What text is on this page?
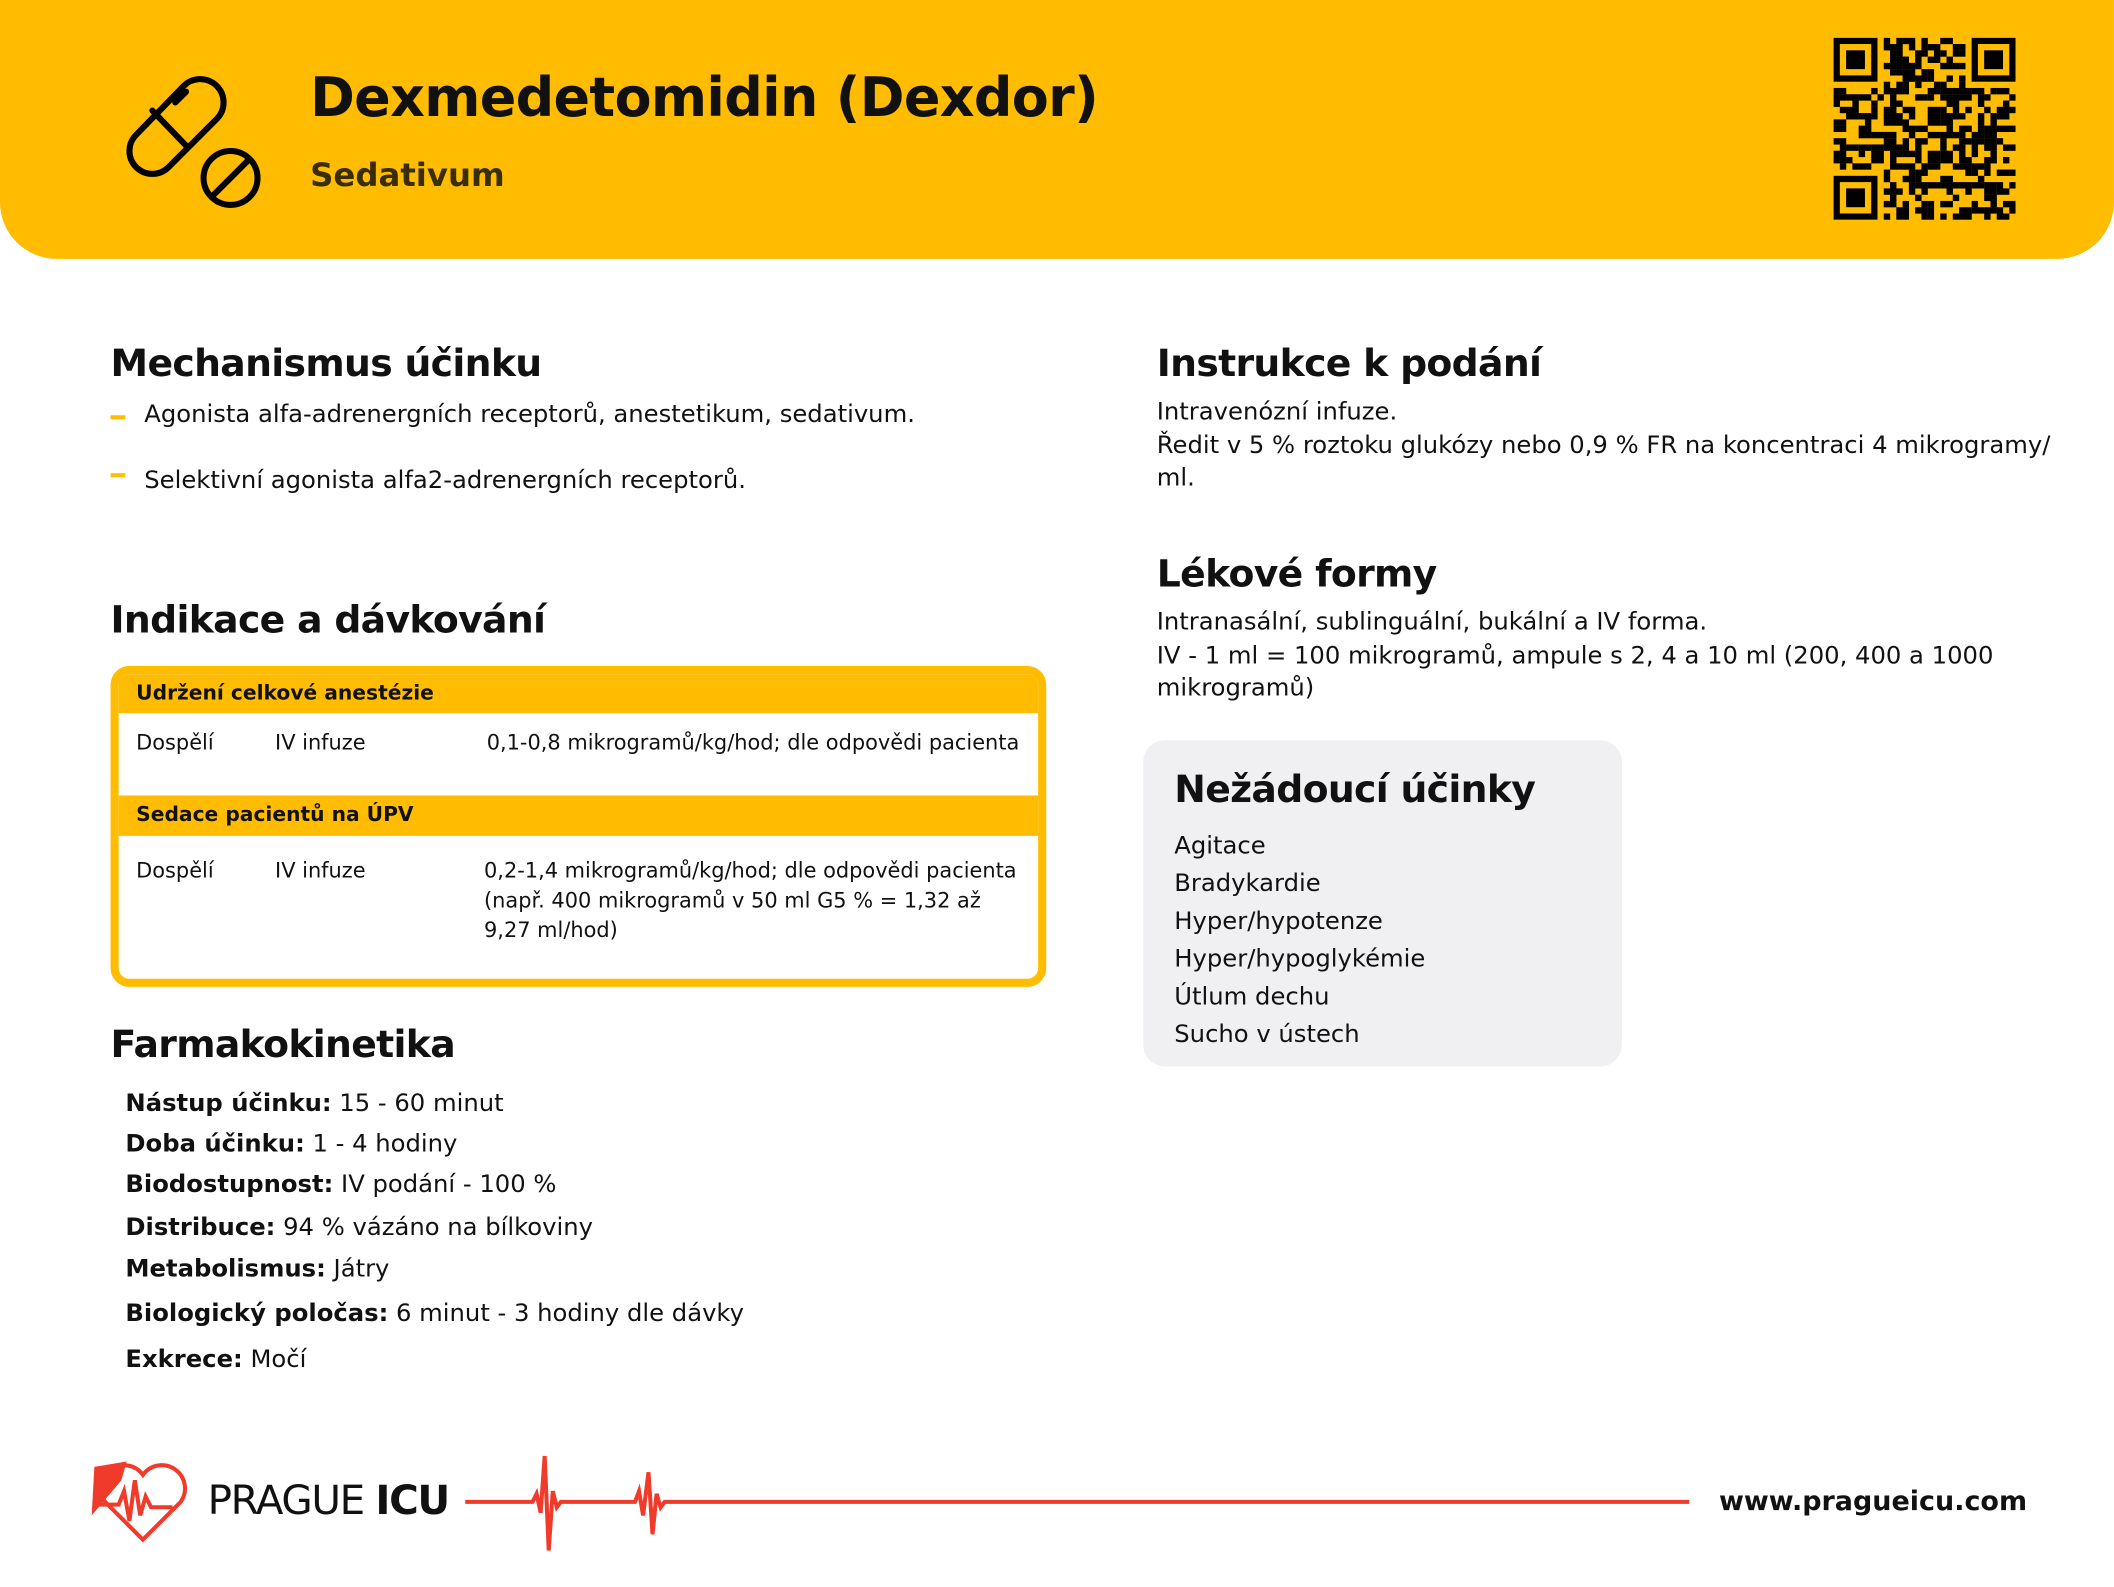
Dexmedetomidin (Dexdor)
Sedativum
Mechanismus účinku
Agonista alfa-adrenergních receptorů, anestetikum, sedativum.
Selektivní agonista alfa2-adrenergních receptorů.
Indikace a dávkování
Udržení celkové anestézie
Dospělí	IV infuze	0,1-0,8 mikrogramů/kg/hod; dle odpovědi pacienta
Sedace pacientů na ÚPV
Dospělí	IV infuze	0,2-1,4 mikrogramů/kg/hod; dle odpovědi pacienta
(např. 400 mikrogramů v 50 ml G5 % = 1,32 až
9,27 ml/hod)
Farmakokinetika
Nástup účinku: 15 - 60 minut
Doba účinku: 1 - 4 hodiny
Biodostupnost: IV podání - 100 %
Distribuce: 94 % vázáno na bílkoviny
Metabolismus: Játry
Biologický poločas: 6 minut - 3 hodiny dle dávky
Exkrece: Močí
Instrukce k podání
Intravenózní infuze.
Ředit v 5 % roztoku glukózy nebo 0,9 % FR na koncentraci 4 mikrogramy/
ml.
Lékové formy
Intranasální, sublinguální, bukální a IV forma.
IV - 1 ml = 100 mikrogramů, ampule s 2, 4 a 10 ml (200, 400 a 1000
mikrogramů)
Nežádoucí účinky
Agitace
Bradykardie
Hyper/hypotenze
Hyper/hypoglykémie
Útlum dechu
Sucho v ústech
PRAGUE ICU	www.pragueicu.com
